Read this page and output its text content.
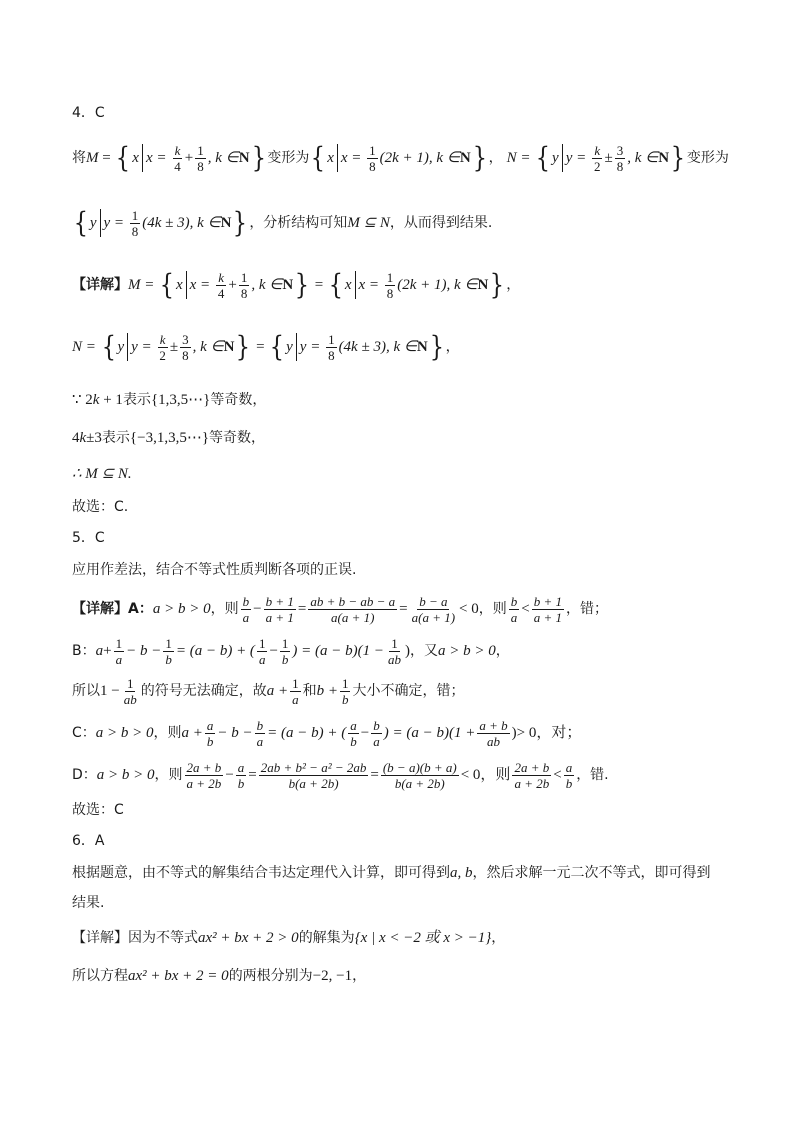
4．C
将 M = { x $x = \frac{k}{4} + \frac{1}{8}$ , k ∈ N } 变形为 { x $x = \frac{1}{8} (2k + 1)$, k ∈ N } ， N = { y $y = \frac{k}{2} \pm \frac{3}{8}$ , k ∈ N } 变形为
{ y $y = \frac{1}{8} (4k \pm 3)$, k ∈ N } ，分析结构可知 M ⊆ N ，从而得到结果.
【详解】 M = { x $x = \frac{k}{4} + \frac{1}{8}$ , k ∈ N } = { x $x = \frac{1}{8} (2k + 1)$, k ∈ N } ，
N = { y $y = \frac{k}{2} \pm \frac{3}{8}$ , k ∈ N } = { y $y = \frac{1}{8} (4k \pm 3)$, k ∈ N } ，
∵ 2 k + 1 表示 {1,3,5⋯} 等奇数，
4 k ±3 表示 {−3,1,3,5⋯} 等奇数，
∴ M ⊆ N.
故选：C.
5．C
应用作差法，结合不等式性质判断各项的正误.
【详解】A： a > b > 0 ，则 $\frac{b}{a} - \frac{b + 1}{a + 1} = \frac{ab + b - ab - a}{a(a + 1)} = \frac{b - a}{a(a + 1)} < 0$ ，则 $\frac{b}{a} < \frac{b + 1}{a + 1}$ ，错；
B： $a + \frac{1}{a} - b - \frac{1}{b} = (a - b)$ + ( $\frac{1}{a} - \frac{1}{b}$ ) = $(a - b)(1 - \frac{1}{ab}$ ) ，又 a > b > 0 ，
所以 $1 - \frac{1}{ab}$ 的符号无法确定，故 $a + \frac{1}{a}$ 和 $b + \frac{1}{b}$ 大小不确定，错；
C： a > b > 0 ，则 $a + \frac{a}{b} - b - \frac{b}{a} = (a - b)$ + ( $\frac{a}{b} - \frac{b}{a}$ ) = $(a - b)(1 + \frac{a + b}{ab}$ ) > 0，对；
D： a > b > 0 ，则 $\frac{2a + b}{a + 2b} - \frac{a}{b} = \frac{\text{2ab + b² − a² − 2ab}}{b(a + 2b)} = \frac{(b - a)(b + a)}{b(a + 2b)} < 0$，则 $\frac{2a + b}{a + 2b} < \frac{a}{b}$ ，错.
故选：C
6．A
根据题意，由不等式的解集结合韦达定理代入计算，即可得到 a, b ，然后求解一元二次不等式，即可得到
结果.
【详解】因为不等式 ax² + bx + 2 > 0 的解集为 {x | x < −2 或 x > −1} ，
所以方程 ax² + bx + 2 = 0 的两根分别为 −2, −1 ，
